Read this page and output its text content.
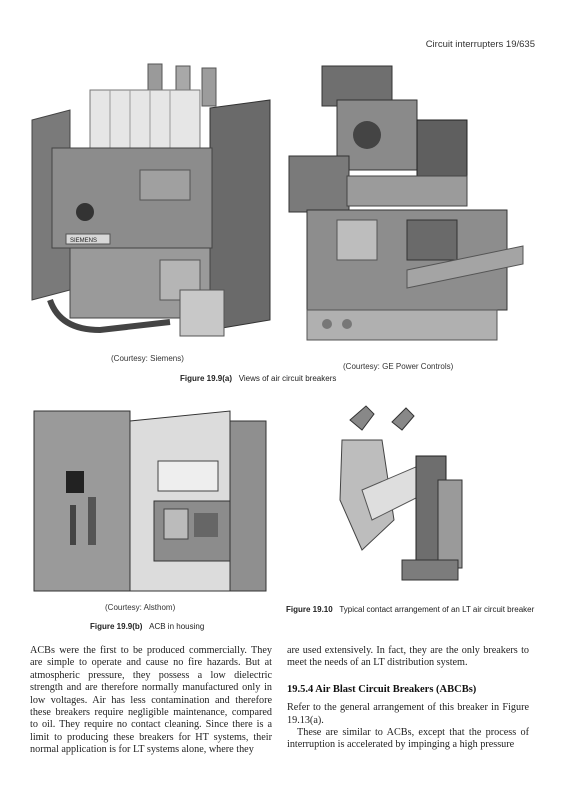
Circuit interrupters 19/635
SIEMENS
(Courtesy: Siemens)
(Courtesy: GE Power Controls)
Figure 19.9(a) Views of air circuit breakers
(Courtesy: Alsthom)
Figure 19.9(b) ACB in housing
Figure 19.10 Typical contact arrangement of an LT air circuit breaker

ACBs were the first to be produced commercially. They are simple to operate and cause no fire hazards. But at atmospheric pressure, they possess a low dielectric strength and are therefore normally manufactured only in low voltages. Air has less contamination and therefore these breakers require negligible maintenance, compared to oil. They require no contact cleaning. Since there is a limit to producing these breakers for HT systems, their normal application is for LT systems alone, where they

are used extensively. In fact, they are the only breakers to meet the needs of an LT distribution system.

19.5.4 Air Blast Circuit Breakers (ABCBs)

Refer to the general arrangement of this breaker in Figure 19.13(a).

These are similar to ACBs, except that the process of interruption is accelerated by impinging a high pressure
